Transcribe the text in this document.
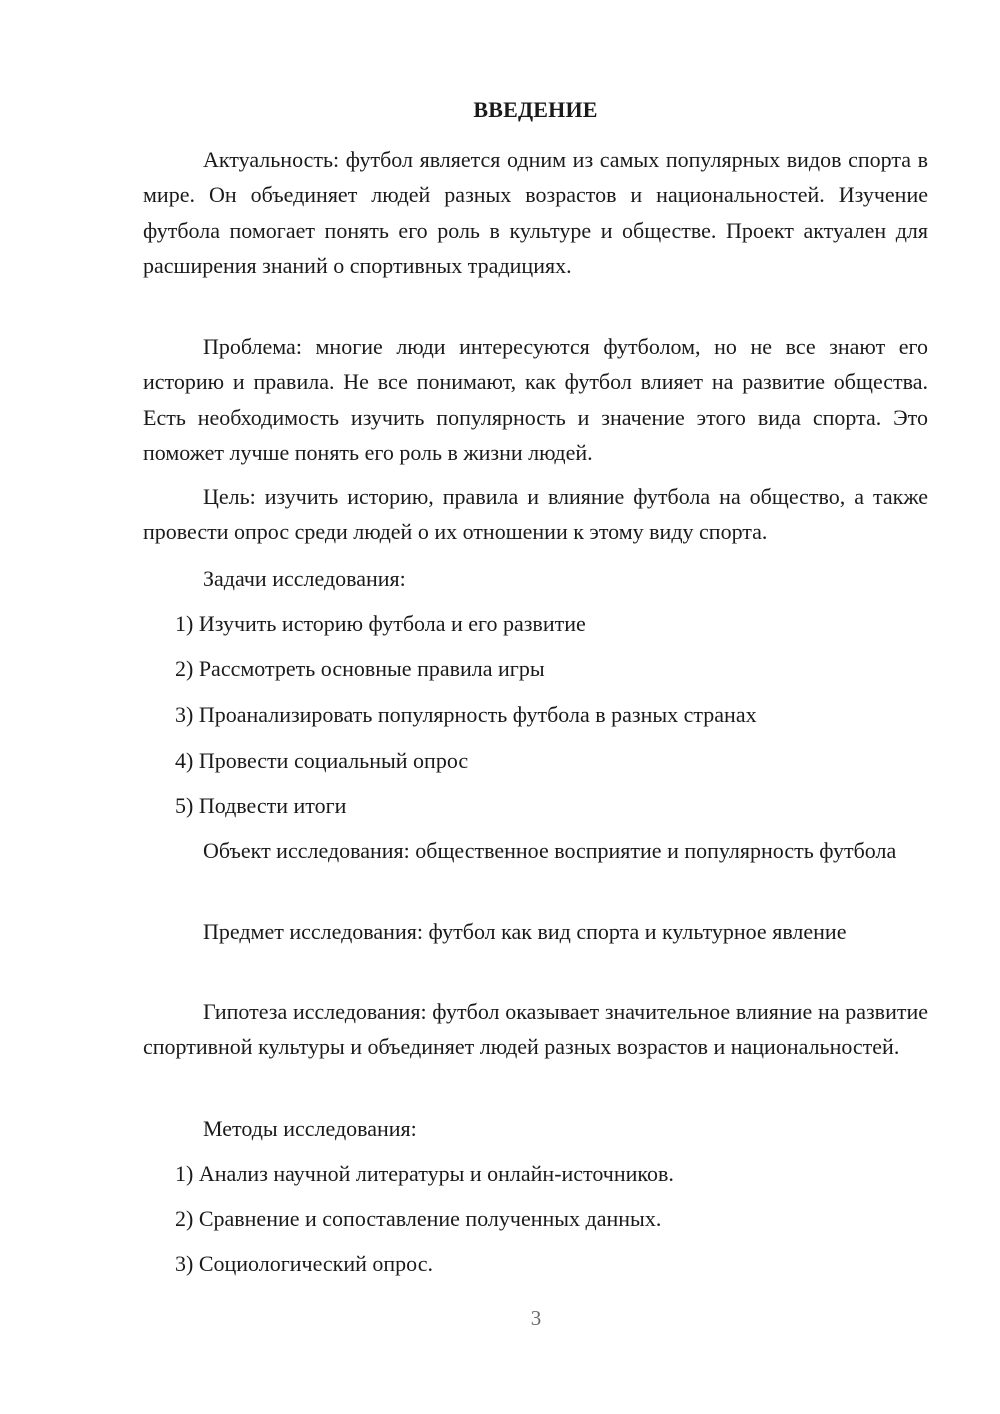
ВВЕДЕНИЕ

Актуальность: футбол является одним из самых популярных видов спорта в мире. Он объединяет людей разных возрастов и национальностей. Изучение футбола помогает понять его роль в культуре и обществе. Проект актуален для расширения знаний о спортивных традициях.

Проблема: многие люди интересуются футболом, но не все знают его историю и правила. Не все понимают, как футбол влияет на развитие общества. Есть необходимость изучить популярность и значение этого вида спорта. Это поможет лучше понять его роль в жизни людей.

Цель: изучить историю, правила и влияние футбола на общество, а также провести опрос среди людей о их отношении к этому виду спорта.

Задачи исследования:
1) Изучить историю футбола и его развитие
2) Рассмотреть основные правила игры
3) Проанализировать популярность футбола в разных странах
4) Провести социальный опрос
5) Подвести итоги

Объект исследования: общественное восприятие и популярность футбола

Предмет исследования: футбол как вид спорта и культурное явление

Гипотеза исследования: футбол оказывает значительное влияние на развитие спортивной культуры и объединяет людей разных возрастов и национальностей.

Методы исследования:
1) Анализ научной литературы и онлайн-источников.
2) Сравнение и сопоставление полученных данных.
3) Социологический опрос.
3
